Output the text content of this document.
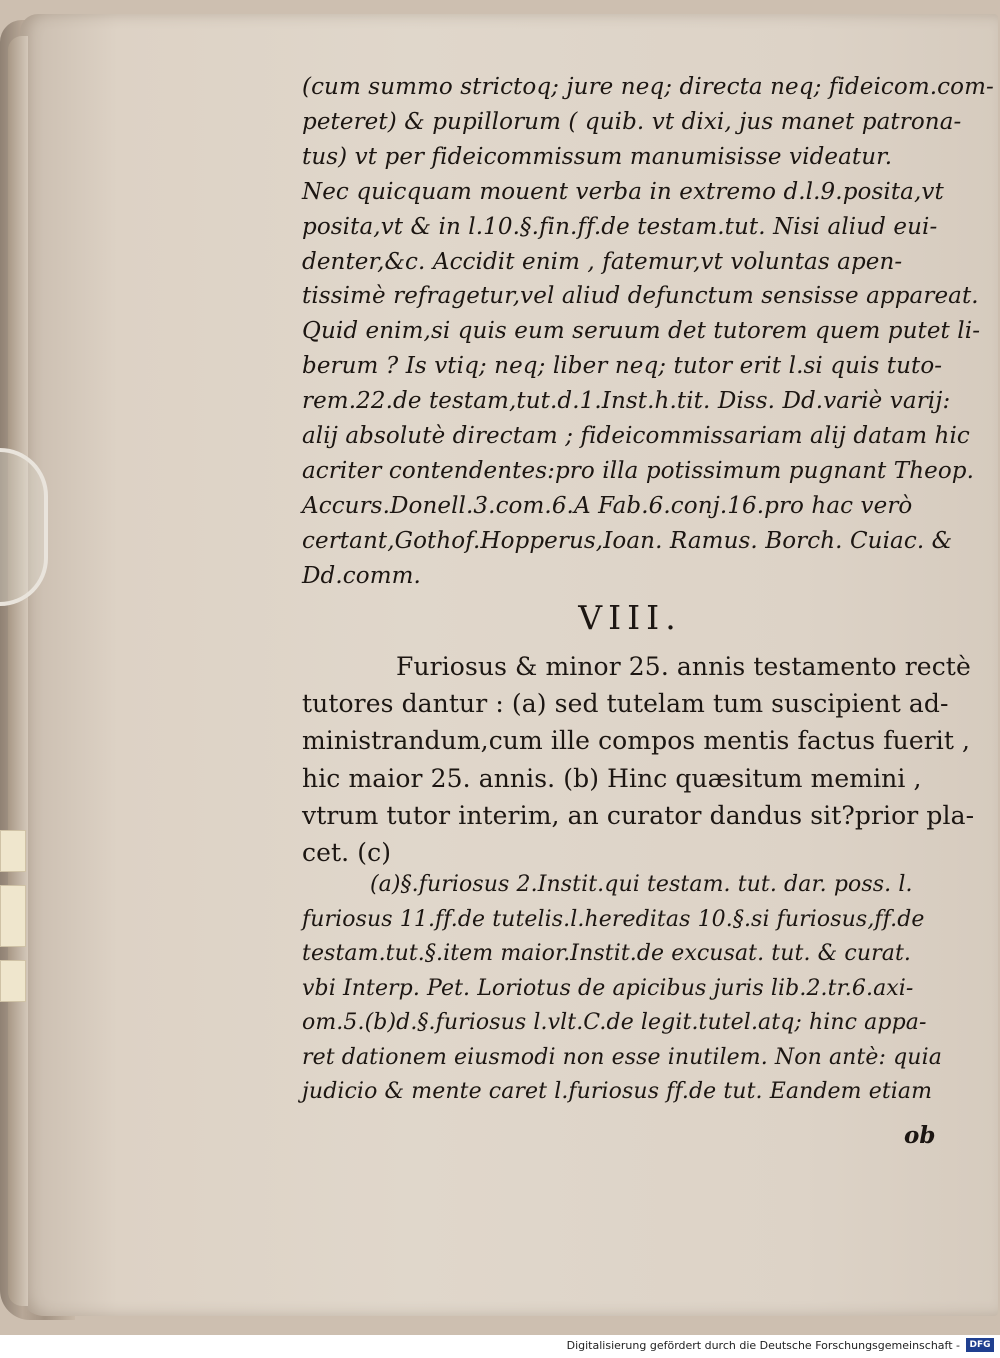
(cum summo strictoq; jure neq; directa neq; fideicom.com-
peteret) & pupillorum ( quib. vt dixi, jus manet patrona-
tus) vt per fideicommissum manumisisse videatur.
Nec quicquam mouent verba in extremo d.l.9.posita,vt
posita,vt & in l.10.§.fin.ff.de testam.tut. Nisi aliud eui-
denter,&c. Accidit enim , fatemur,vt voluntas apen-
tissimè refragetur,vel aliud defunctum sensisse appareat.
Quid enim,si quis eum seruum det tutorem quem putet li-
berum ? Is vtiq; neq; liber neq; tutor erit l.si quis tuto-
rem.22.de testam,tut.d.1.Inst.h.tit. Diss. Dd.variè varij:
alij absolutè directam ; fideicommissariam alij datam hic
acriter contendentes:pro illa potissimum pugnant Theop.
Accurs.Donell.3.com.6.A Fab.6.conj.16.pro hac verò
certant,Gothof.Hopperus,Ioan. Ramus. Borch. Cuiac. &
Dd.comm.
VIII.
Furiosus & minor 25. annis testamento rectè
tutores dantur : (a) sed tutelam tum suscipient ad-
ministrandum,cum ille compos mentis factus fuerit ,
hic maior 25. annis. (b) Hinc quæsitum memini ,
vtrum tutor interim, an curator dandus sit?prior pla-
cet. (c)
(a)§.furiosus 2.Instit.qui testam. tut. dar. poss. l.
furiosus 11.ff.de tutelis.l.hereditas 10.§.si furiosus,ff.de
testam.tut.§.item maior.Instit.de excusat. tut. & curat.
vbi Interp. Pet. Loriotus de apicibus juris lib.2.tr.6.axi-
om.5.(b)d.§.furiosus l.vlt.C.de legit.tutel.atq; hinc appa-
ret dationem eiusmodi non esse inutilem. Non antè: quia
judicio & mente caret l.furiosus ff.de tut. Eandem etiam
ob
Digitalisierung gefördert durch die Deutsche Forschungsgemeinschaft -	DFG
